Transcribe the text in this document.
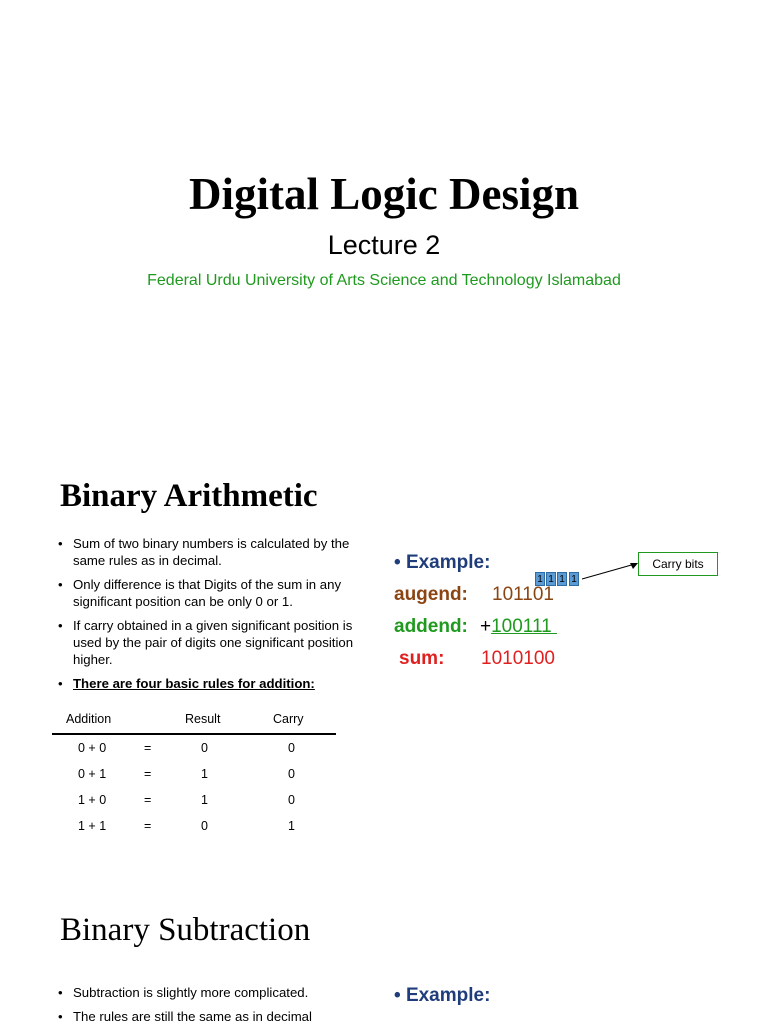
Digital Logic Design
Lecture 2
Federal Urdu University of Arts Science and Technology Islamabad
Binary Arithmetic
• Sum of two binary numbers is calculated by the same rules as in decimal.
• Only difference is that Digits of the sum in any significant position can be only 0 or 1.
• If carry obtained in a given significant position is used by the pair of digits one significant position higher.
• There are four basic rules for addition:
Addition	Result	Carry
0 + 0	=	0	0
0 + 1	=	1	0
1 + 0	=	1	0
1 + 1	=	0	1
• Example:
1 1 1 1
Carry bits
augend: 101101
addend: +100111
sum: 1010100
Binary Subtraction
• Subtraction is slightly more complicated.
• The rules are still the same as in decimal
• Example:
